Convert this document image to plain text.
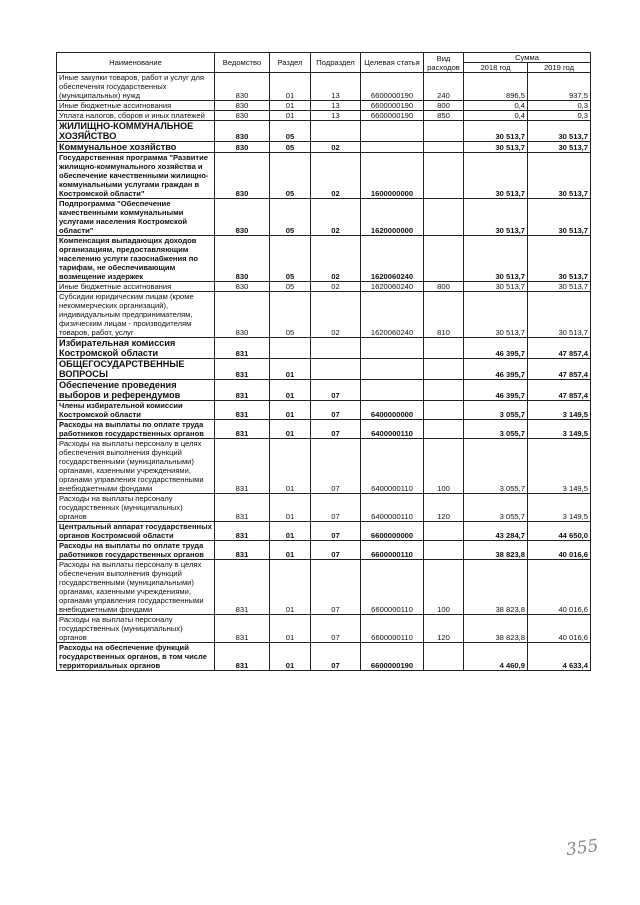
Наименование	Ведомство	Раздел	Подраздел	Целевая статья	Вид расходов	Сумма	
						2018 год	2019 год
Иные закупки товаров, работ и услуг для обеспечения государственных (муниципальных) нужд	830	01	13	6600000190	240	896,5	937,5
Иные бюджетные ассигнования	830	01	13	6600000190	800	0,4	0,3
Уплата налогов, сборов и иных платежей	830	01	13	6600000190	850	0,4	0,3
ЖИЛИЩНО-КОММУНАЛЬНОЕ ХОЗЯЙСТВО	830	05				30 513,7	30 513,7
Коммунальное хозяйство	830	05	02			30 513,7	30 513,7
Государственная программа "Развитие жилищно-коммунального хозяйства и обеспечение качественными жилищно-коммунальными услугами граждан в Костромской области"	830	05	02	1600000000		30 513,7	30 513,7
Подпрограмма "Обеспечение качественными коммунальными услугами населения Костромской области"	830	05	02	1620000000		30 513,7	30 513,7
Компенсация выпадающих доходов организациям, предоставляющим населению услуги газоснабжения по тарифам, не обеспечивающим возмещение издержек	830	05	02	1620060240		30 513,7	30 513,7
Иные бюджетные ассигнования	830	05	02	1620060240	800	30 513,7	30 513,7
Субсидии юридическим лицам (кроме некоммерческих организаций), индивидуальным предпринимателям, физическим лицам - производителям товаров, работ, услуг	830	05	02	1620060240	810	30 513,7	30 513,7
Избирательная комиссия Костромской области	831					46 395,7	47 857,4
ОБЩЕГОСУДАРСТВЕННЫЕ ВОПРОСЫ	831	01				46 395,7	47 857,4
Обеспечение проведения выборов и референдумов	831	01	07			46 395,7	47 857,4
Члены избирательной комиссии Костромской области	831	01	07	6400000000		3 055,7	3 149,5
Расходы на выплаты по оплате труда работников государственных органов	831	01	07	6400000110		3 055,7	3 149,5
Расходы на выплаты персоналу в целях обеспечения выполнения функций государственными (муниципальными) органами, казенными учреждениями, органами управления государственными внебюджетными фондами	831	01	07	6400000110	100	3 055,7	3 149,5
Расходы на выплаты персоналу государственных (муниципальных) органов	831	01	07	6400000110	120	3 055,7	3 149,5
Центральный аппарат государственных органов Костромской области	831	01	07	6600000000		43 284,7	44 650,0
Расходы на выплаты по оплате труда работников государственных органов	831	01	07	6600000110		38 823,8	40 016,6
Расходы на выплаты персоналу в целях обеспечения выполнения функций государственными (муниципальными) органами, казенными учреждениями, органами управления государственными внебюджетными фондами	831	01	07	6600000110	100	38 823,8	40 016,6
Расходы на выплаты персоналу государственных (муниципальных) органов	831	01	07	6600000110	120	38 823,8	40 016,6
Расходы на обеспечение функций государственных органов, в том числе территориальных органов	831	01	07	6600000190		4 460,9	4 633,4
355
